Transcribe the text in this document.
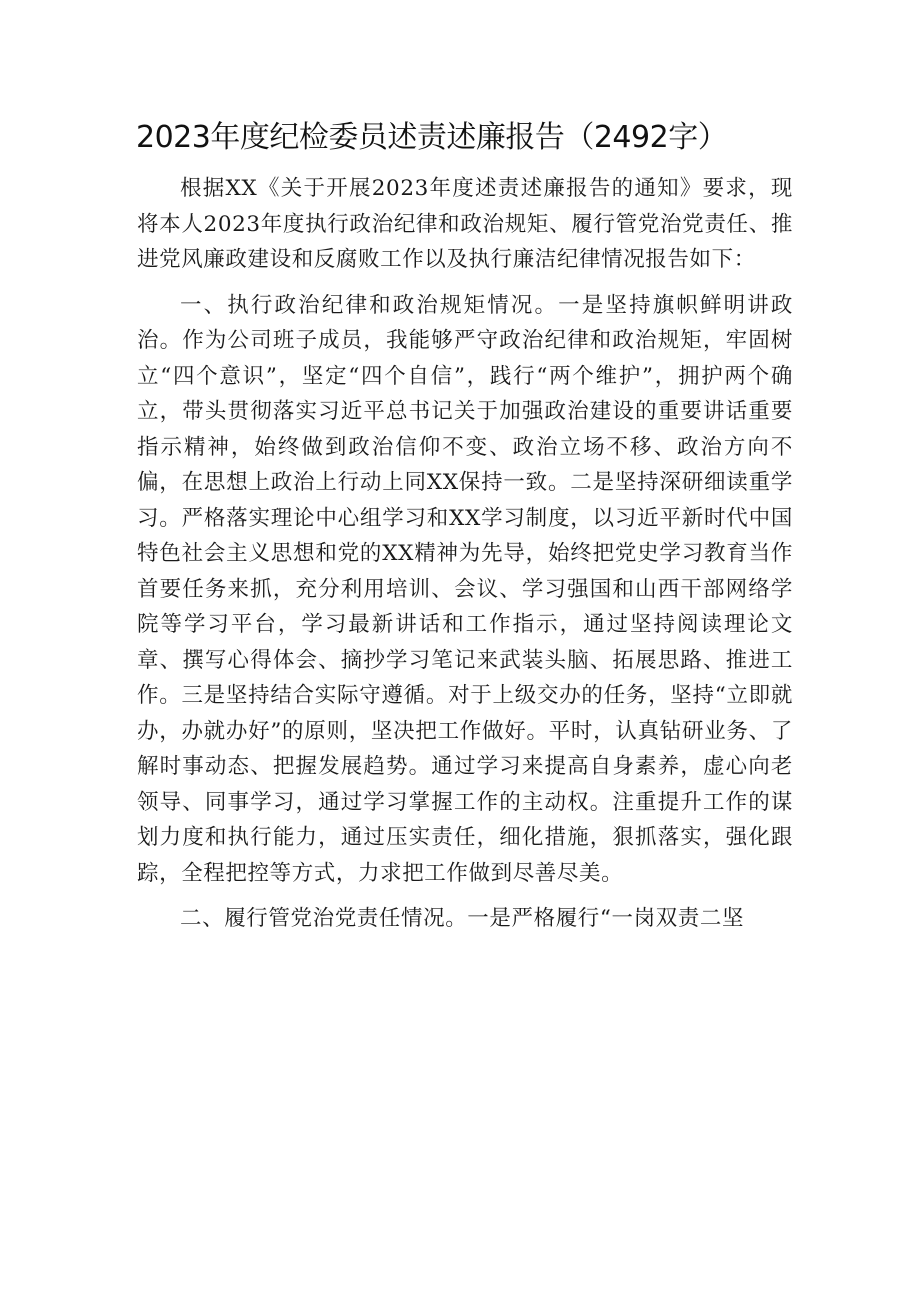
2023年度纪检委员述责述廉报告（2492字）

根据XX《关于开展2023年度述责述廉报告的通知》要求，现将本人2023年度执行政治纪律和政治规矩、履行管党治党责任、推进党风廉政建设和反腐败工作以及执行廉洁纪律情况报告如下：

一、执行政治纪律和政治规矩情况。一是坚持旗帜鲜明讲政治。作为公司班子成员，我能够严守政治纪律和政治规矩，牢固树立“四个意识”，坚定“四个自信”，践行“两个维护”，拥护两个确立，带头贯彻落实习近平总书记关于加强政治建设的重要讲话重要指示精神，始终做到政治信仰不变、政治立场不移、政治方向不偏，在思想上政治上行动上同XX保持一致。二是坚持深研细读重学习。严格落实理论中心组学习和XX学习制度，以习近平新时代中国特色社会主义思想和党的XX精神为先导，始终把党史学习教育当作首要任务来抓，充分利用培训、会议、学习强国和山西干部网络学院等学习平台，学习最新讲话和工作指示，通过坚持阅读理论文章、撰写心得体会、摘抄学习笔记来武装头脑、拓展思路、推进工作。三是坚持结合实际守遵循。对于上级交办的任务，坚持“立即就办，办就办好”的原则，坚决把工作做好。平时，认真钻研业务、了解时事动态、把握发展趋势。通过学习来提高自身素养，虚心向老领导、同事学习，通过学习掌握工作的主动权。注重提升工作的谋划力度和执行能力，通过压实责任，细化措施，狠抓落实，强化跟踪，全程把控等方式，力求把工作做到尽善尽美。

二、履行管党治党责任情况。一是严格履行“一岗双责二坚
